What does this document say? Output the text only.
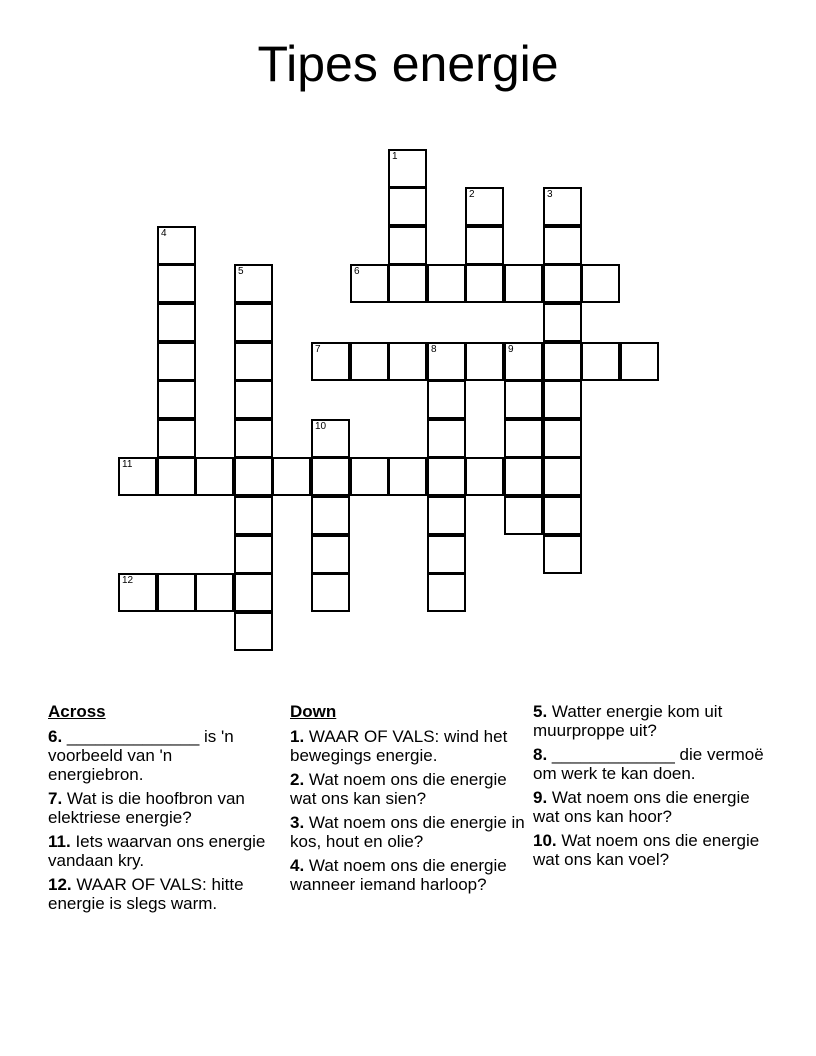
Tipes energie
6
7	8	9
11
12
1
2	3
4
5
10
Across
6. ______________ is 'n voorbeeld van 'n energiebron.
7. Wat is die hoofbron van elektriese energie?
11. Iets waarvan ons energie vandaan kry.
12. WAAR OF VALS: hitte energie is slegs warm.
Down
1. WAAR OF VALS: wind het bewegings energie.
2. Wat noem ons die energie wat ons kan sien?
3. Wat noem ons die energie in kos, hout en olie?
4. Wat noem ons die energie wanneer iemand harloop?
5. Watter energie kom uit muurproppe uit?
8. _____________ die vermoë om werk te kan doen.
9. Wat noem ons die energie wat ons kan hoor?
10. Wat noem ons die energie wat ons kan voel?
